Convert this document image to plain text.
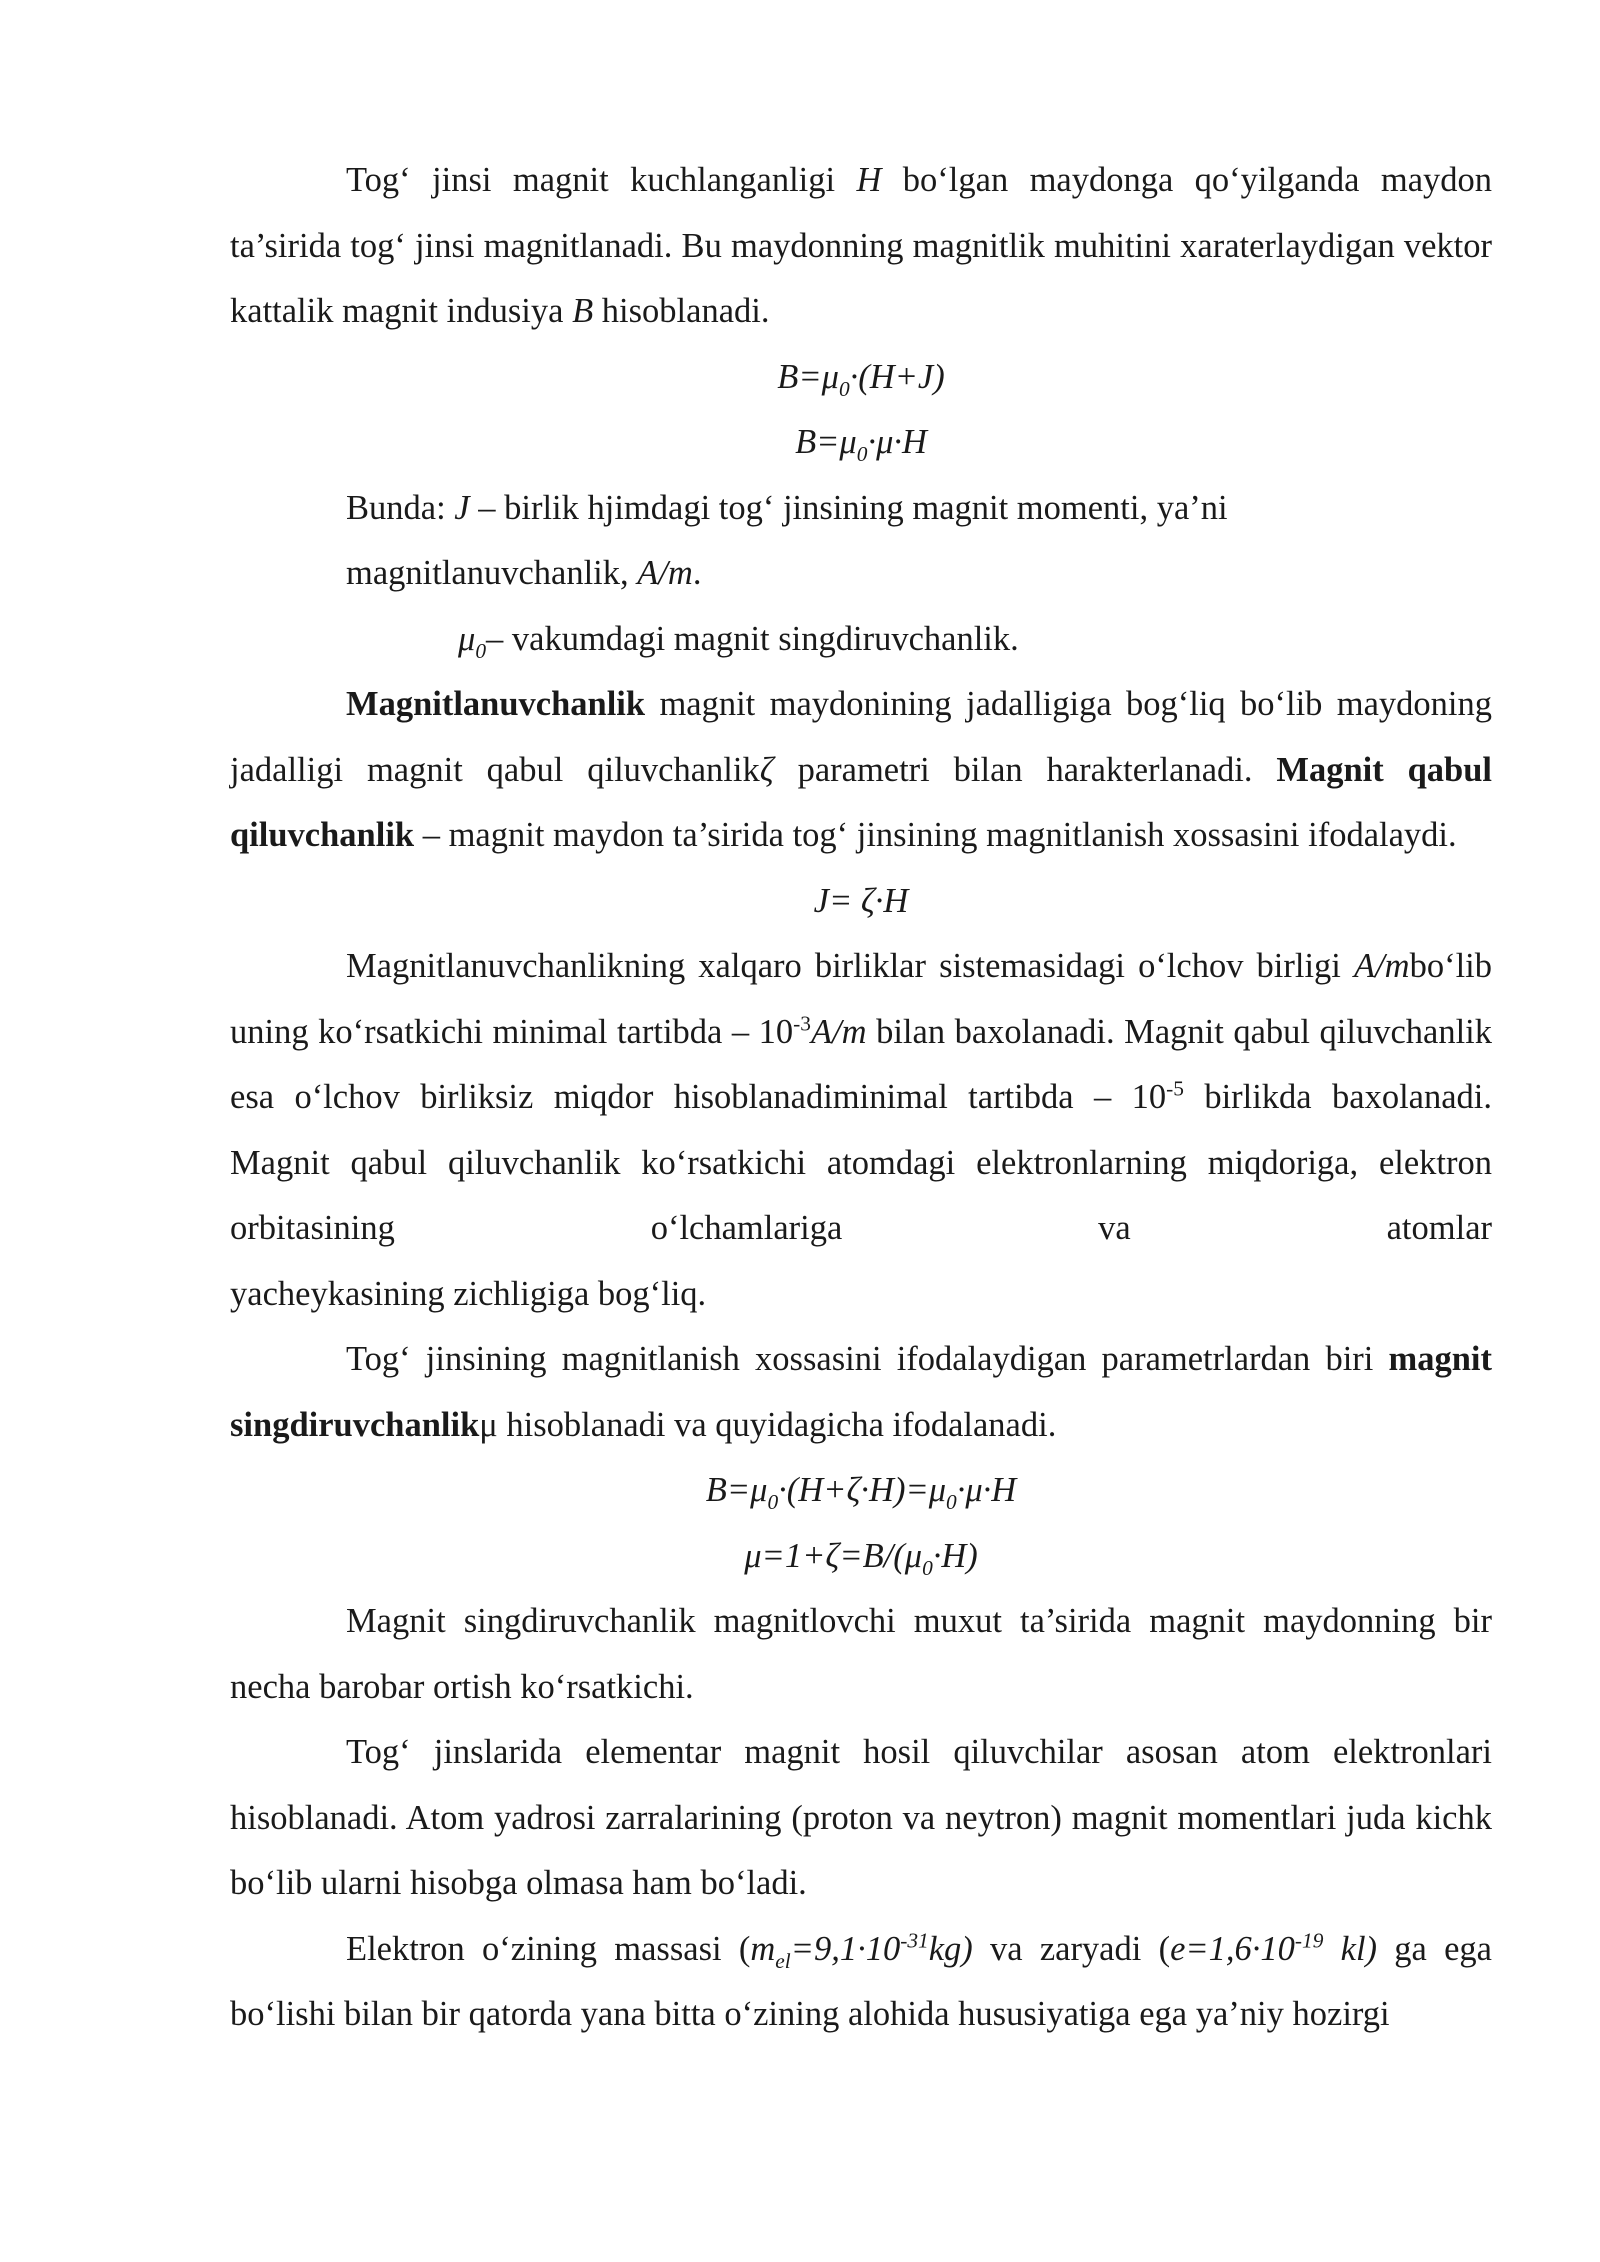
Tog‘ jinsi magnit kuchlanganligi H bo‘lgan maydonga qo‘yilganda maydon ta’sirida tog‘ jinsi magnitlanadi. Bu maydonning magnitlik muhitini xaraterlaydigan vektor kattalik magnit indusiya B hisoblanadi.

$B=\mu_0\cdot(H+J)$

$B=\mu_0\cdot\mu\cdot H$

Bunda: J – birlik hjimdagi tog‘ jinsining magnit momenti, ya’ni

magnitlanuvchanlik, A/m.

$\mu_0-$ vakumdagi magnit singdiruvchanlik.

Magnitlanuvchanlik magnit maydonining jadalligiga bog‘liq bo‘lib maydoning jadalligi magnit qabul qiluvchanlikζ parametri bilan harakterlanadi. Magnit qabul qiluvchanlik – magnit maydon ta’sirida tog‘ jinsining magnitlanish xossasini ifodalaydi.

J= ζ·H

Magnitlanuvchanlikning xalqaro birliklar sistemasidagi o‘lchov birligi A/mbo‘lib uning ko‘rsatkichi minimal tartibda – $10^{-3}A/m$ bilan baxolanadi. Magnit qabul qiluvchanlik esa o‘lchov birliksiz miqdor hisoblanadiminimal tartibda – $10^{-5}$ birlikda baxolanadi. Magnit qabul qiluvchanlik ko‘rsatkichi atomdagi elektronlarning miqdoriga, elektron orbitasining o‘lchamlariga va atomlar

yacheykasining zichligiga bog‘liq.

Tog‘ jinsining magnitlanish xossasini ifodalaydigan parametrlardan biri magnit singdiruvchanlikμ hisoblanadi va quyidagicha ifodalanadi.

$B=\mu_0\cdot(H+\zeta\cdot H)=\mu_0\cdot\mu\cdot H$

$\mu=1+\zeta=B/(\mu_0\cdot H)$

Magnit singdiruvchanlik magnitlovchi muxut ta’sirida magnit maydonning bir necha barobar ortish ko‘rsatkichi.

Tog‘ jinslarida elementar magnit hosil qiluvchilar asosan atom elektronlari hisoblanadi. Atom yadrosi zarralarining (proton va neytron) magnit momentlari juda kichk bo‘lib ularni hisobga olmasa ham bo‘ladi.

Elektron o‘zining massasi $(m_{el}=9,1\cdot 10^{-31}kg)$ va zaryadi ($e=1,6\cdot 10^{-19}$ kl) ga ega bo‘lishi bilan bir qatorda yana bitta o‘zining alohida hususiyatiga ega ya’niy hozirgi
